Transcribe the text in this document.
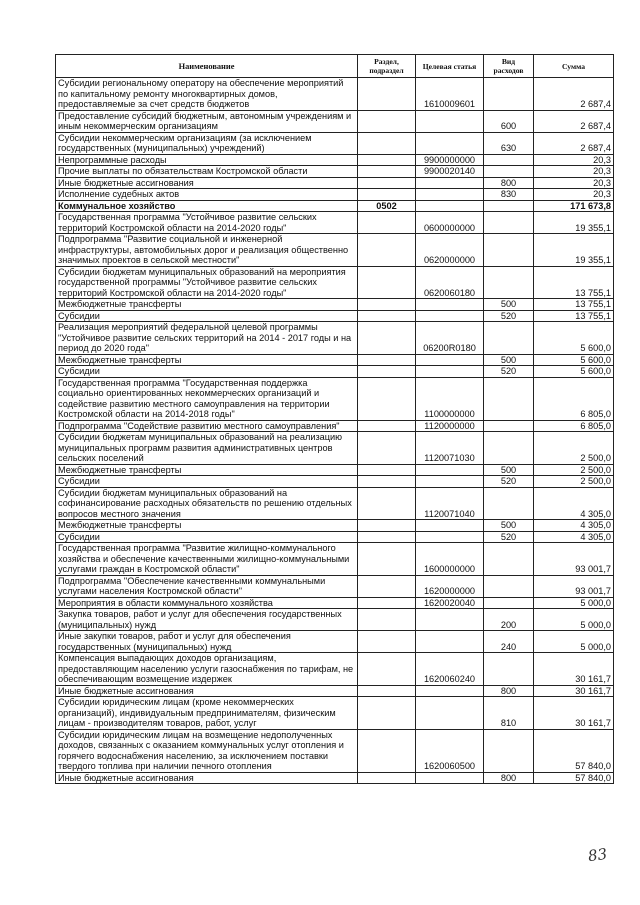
Наименование	Раздел, подраздел	Целевая статья	Вид расходов	Сумма
Субсидии региональному оператору на обеспечение мероприятий по капитальному ремонту многоквартирных домов, предоставляемые за счет средств бюджетов		1610009601		2 687,4
Предоставление субсидий бюджетным, автономным учреждениям и иным некоммерческим организациям			600	2 687,4
Субсидии некоммерческим организациям (за исключением государственных (муниципальных) учреждений)			630	2 687,4
Непрограммные расходы		9900000000		20,3
Прочие выплаты по обязательствам Костромской области		9900020140		20,3
Иные бюджетные ассигнования			800	20,3
Исполнение судебных актов			830	20,3
Коммунальное хозяйство	0502			171 673,8
Государственная программа "Устойчивое развитие сельских территорий Костромской области на 2014-2020 годы"		0600000000		19 355,1
Подпрограмма "Развитие социальной и инженерной инфраструктуры, автомобильных дорог и реализация общественно значимых проектов в сельской местности"		0620000000		19 355,1
Субсидии бюджетам муниципальных образований на мероприятия государственной программы "Устойчивое развитие сельских территорий Костромской области на 2014-2020 годы"		0620060180		13 755,1
Межбюджетные трансферты			500	13 755,1
Субсидии			520	13 755,1
Реализация мероприятий федеральной целевой программы "Устойчивое развитие сельских территорий на 2014 - 2017 годы и на период до 2020 года"		06200R0180		5 600,0
Межбюджетные трансферты			500	5 600,0
Субсидии			520	5 600,0
Государственная программа "Государственная поддержка социально ориентированных некоммерческих организаций и содействие развитию местного самоуправления на территории Костромской области на 2014-2018 годы"		1100000000		6 805,0
Подпрограмма "Содействие развитию местного самоуправления"		1120000000		6 805,0
Субсидии бюджетам муниципальных образований на реализацию муниципальных программ развития административных центров сельских поселений		1120071030		2 500,0
Межбюджетные трансферты			500	2 500,0
Субсидии			520	2 500,0
Субсидии бюджетам муниципальных образований на софинансирование расходных обязательств по решению отдельных вопросов местного значения		1120071040		4 305,0
Межбюджетные трансферты			500	4 305,0
Субсидии			520	4 305,0
Государственная программа "Развитие жилищно-коммунального хозяйства и обеспечение качественными жилищно-коммунальными услугами граждан в Костромской области"		1600000000		93 001,7
Подпрограмма "Обеспечение качественными коммунальными услугами населения Костромской области"		1620000000		93 001,7
Мероприятия в области коммунального хозяйства		1620020040		5 000,0
Закупка товаров, работ и услуг для обеспечения государственных (муниципальных) нужд			200	5 000,0
Иные закупки товаров, работ и услуг для обеспечения государственных (муниципальных) нужд			240	5 000,0
Компенсация выпадающих доходов организациям, предоставляющим населению услуги газоснабжения по тарифам, не обеспечивающим возмещение издержек		1620060240		30 161,7
Иные бюджетные ассигнования			800	30 161,7
Субсидии юридическим лицам (кроме некоммерческих организаций), индивидуальным предпринимателям, физическим лицам - производителям товаров, работ, услуг			810	30 161,7
Субсидии юридическим лицам на возмещение недополученных доходов, связанных с оказанием коммунальных услуг отопления и горячего водоснабжения населению, за исключением поставки твердого топлива при наличии печного отопления		1620060500		57 840,0
Иные бюджетные ассигнования			800	57 840,0
83
